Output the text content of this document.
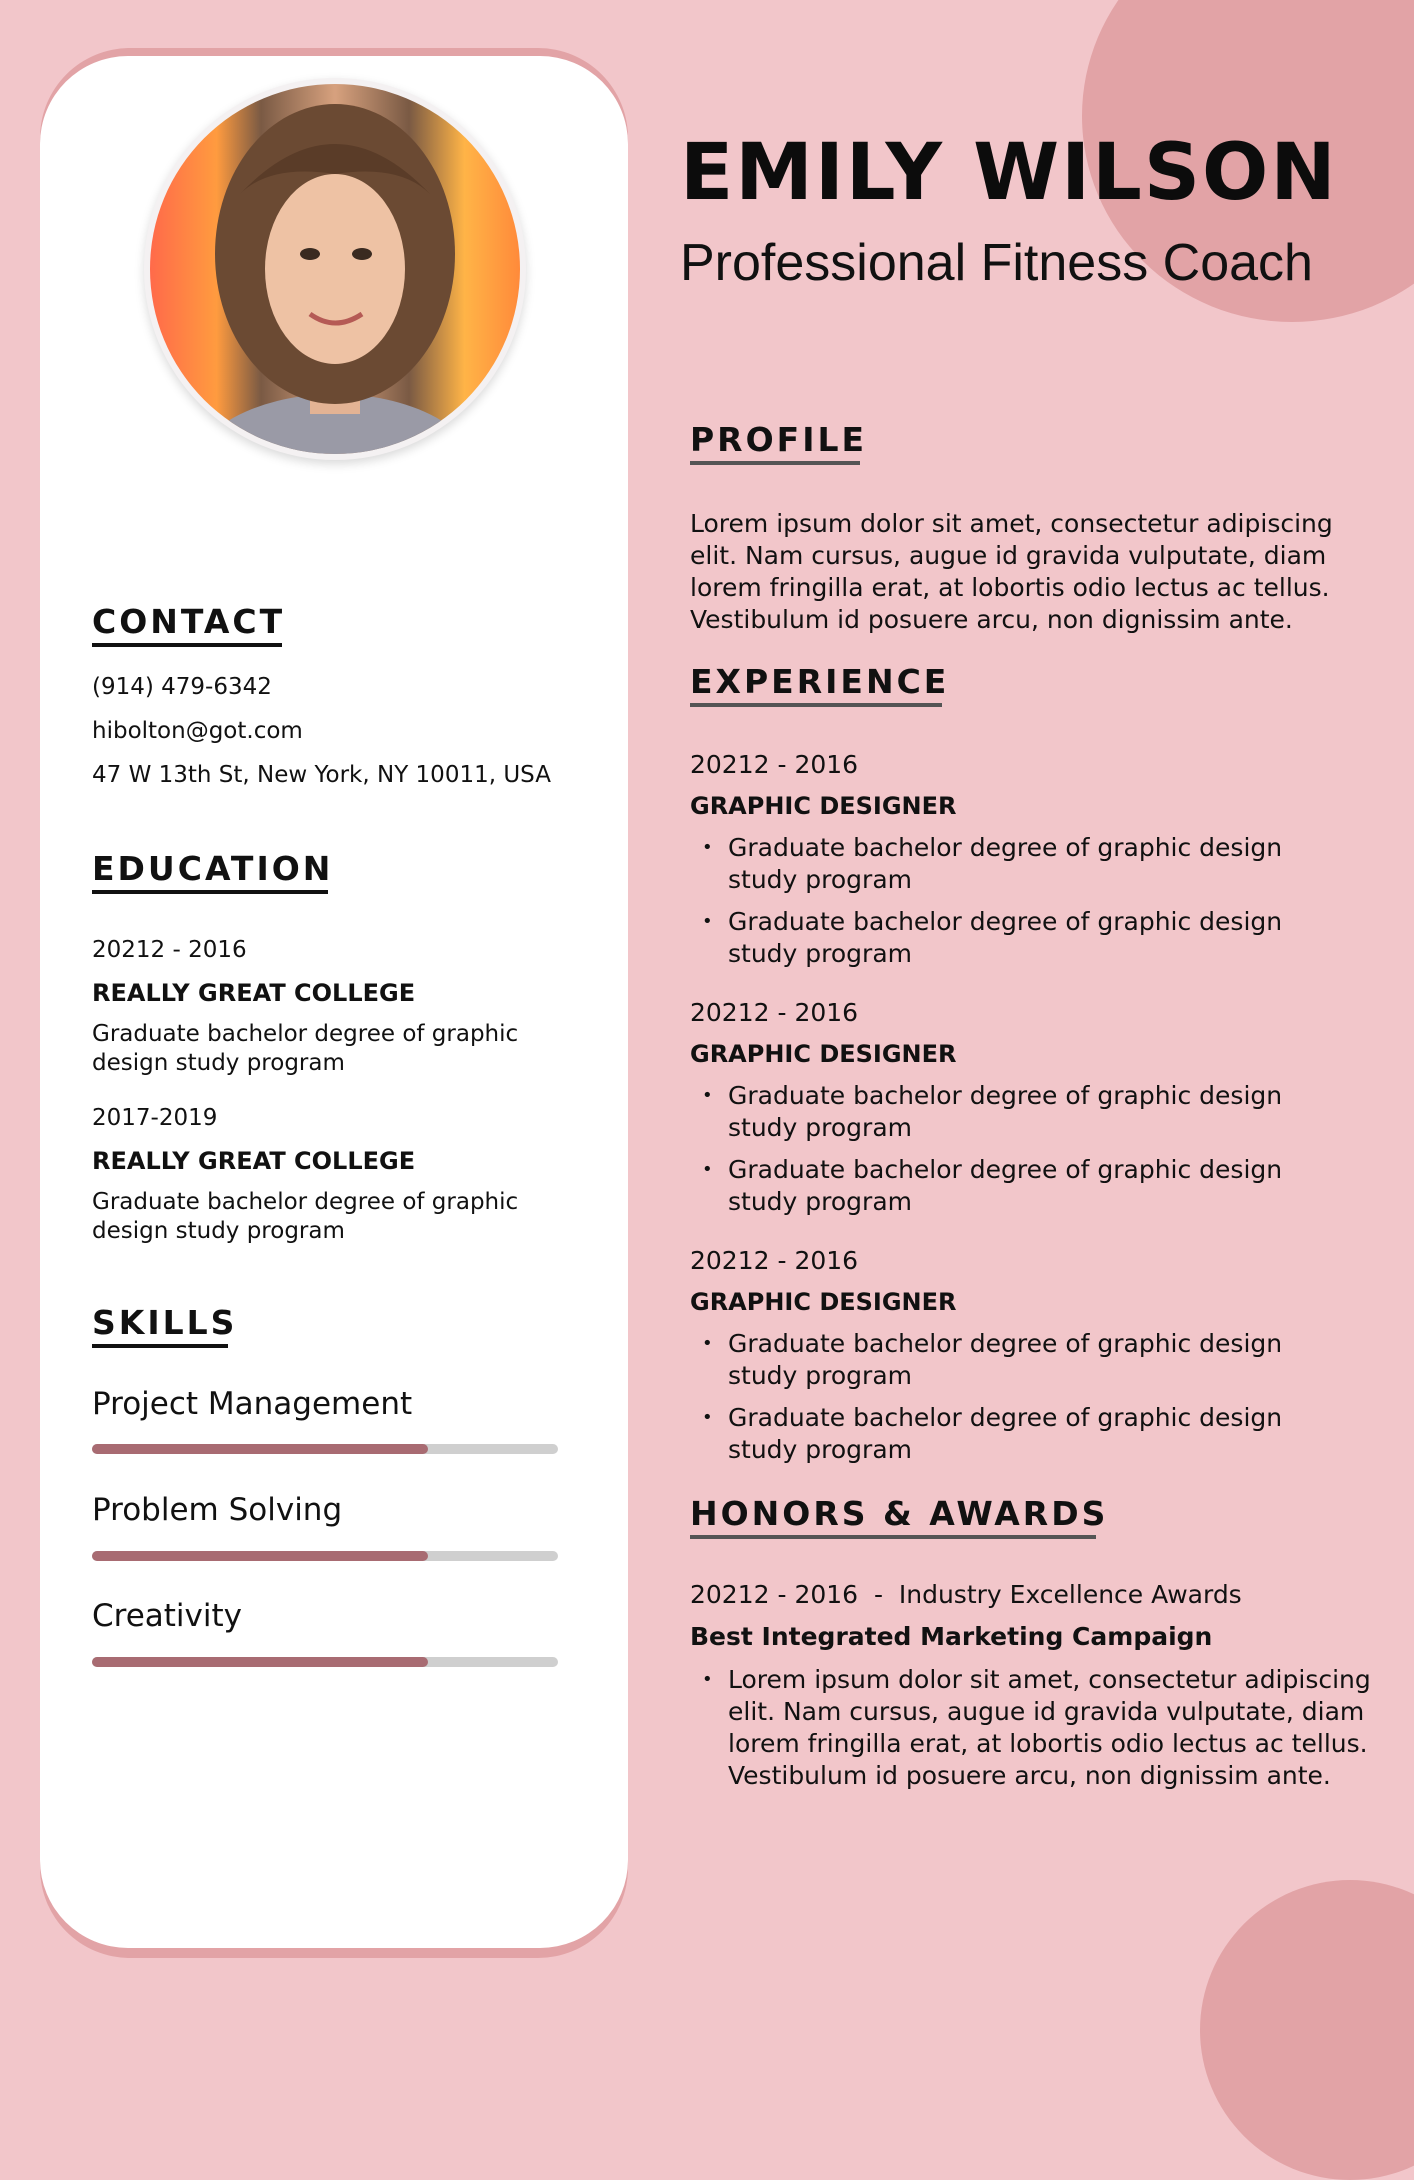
CONTACT

(914) 479-6342

hibolton@got.com

47 W 13th St, New York, NY 10011, USA

EDUCATION

20212 - 2016

REALLY GREAT COLLEGE

Graduate bachelor degree of graphic

design study program

2017-2019

REALLY GREAT COLLEGE

Graduate bachelor degree of graphic

design study program

SKILLS

Project Management

Problem Solving

Creativity

EMILY WILSON

Professional Fitness Coach

PROFILE

Lorem ipsum dolor sit amet, consectetur adipiscing elit. Nam cursus, augue id gravida vulputate, diam lorem fringilla erat, at lobortis odio lectus ac tellus. Vestibulum id posuere arcu, non dignissim ante.

EXPERIENCE

20212 - 2016

GRAPHIC DESIGNER

• Graduate bachelor degree of graphic design study program
• Graduate bachelor degree of graphic design study program

20212 - 2016

GRAPHIC DESIGNER

• Graduate bachelor degree of graphic design study program
• Graduate bachelor degree of graphic design study program

20212 - 2016

GRAPHIC DESIGNER

• Graduate bachelor degree of graphic design study program
• Graduate bachelor degree of graphic design study program
HONORS & AWARDS

20212 - 2016  -  Industry Excellence Awards

Best Integrated Marketing Campaign

• Lorem ipsum dolor sit amet, consectetur adipiscing elit. Nam cursus, augue id gravida vulputate, diam lorem fringilla erat, at lobortis odio lectus ac tellus. Vestibulum id posuere arcu, non dignissim ante.
